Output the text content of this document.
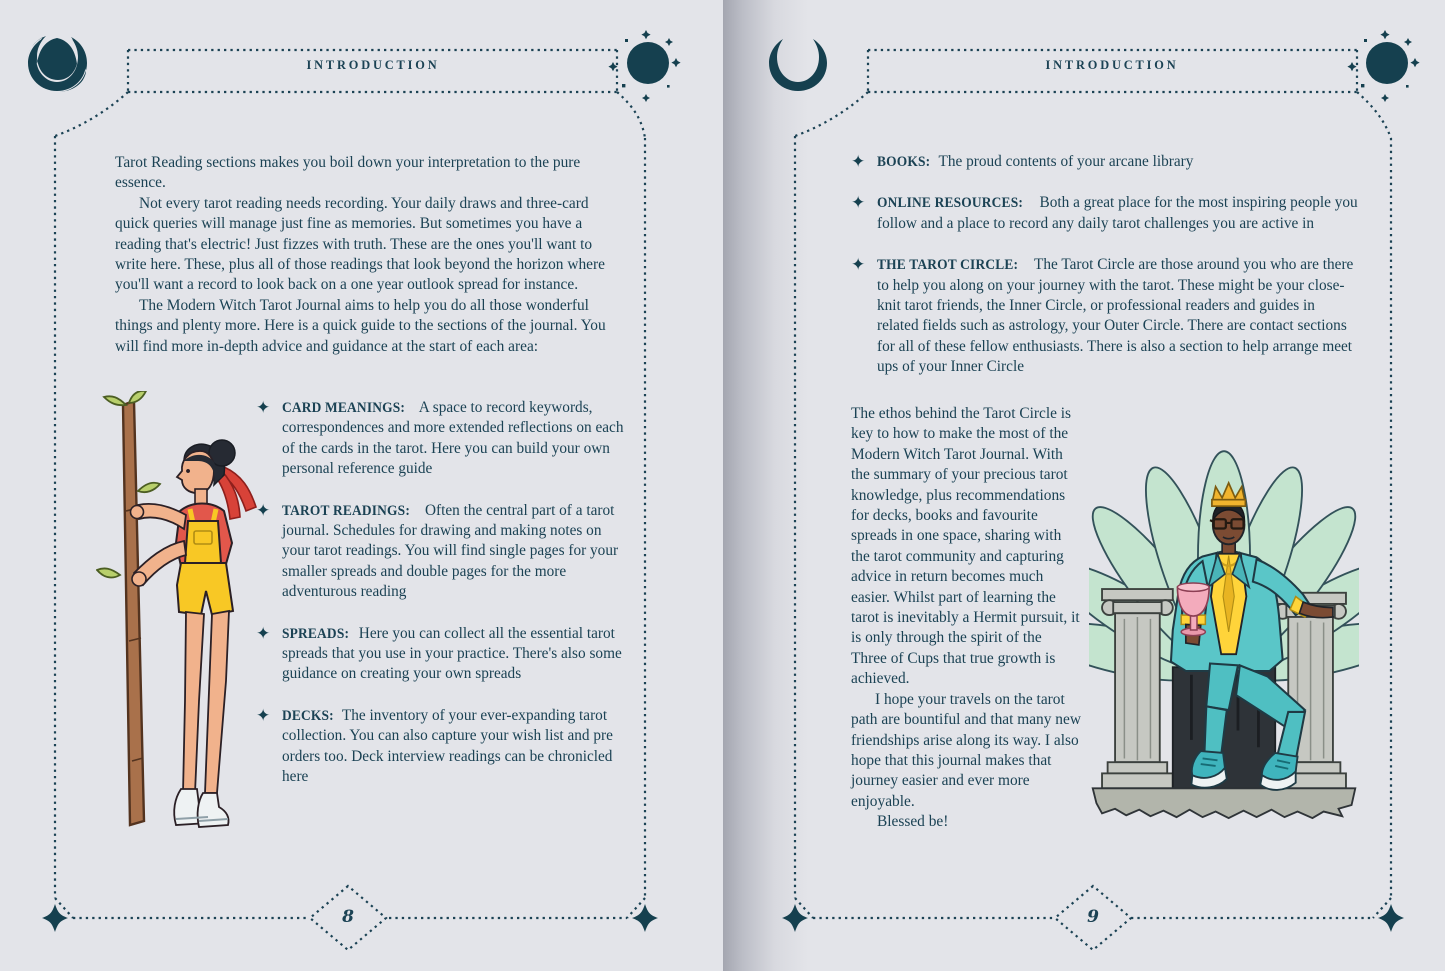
INTRODUCTION

Tarot Reading sections makes you boil down your interpretation to the pure essence.

Not every tarot reading needs recording. Your daily draws and three-card quick queries will manage just fine as memories. But sometimes you have a reading that's electric! Just fizzes with truth. These are the ones you'll want to write here. These, plus all of those readings that look beyond the horizon where you'll want a record to look back on a one year outlook spread for instance.

The Modern Witch Tarot Journal aims to help you do all those wonderful things and plenty more. Here is a quick guide to the sections of the journal. You will find more in-depth advice and guidance at the start of each area:

✦ CARD MEANINGS: A space to record keywords, correspondences and more extended reflections on each of the cards in the tarot. Here you can build your own personal reference guide

✦ TAROT READINGS: Often the central part of a tarot journal. Schedules for drawing and making notes on your tarot readings. You will find single pages for your smaller spreads and double pages for the more adventurous reading

✦ SPREADS: Here you can collect all the essential tarot spreads that you use in your practice. There's also some guidance on creating your own spreads

✦ DECKS: The inventory of your ever-expanding tarot collection. You can also capture your wish list and pre orders too. Deck interview readings can be chronicled here

8
INTRODUCTION
✦ BOOKS: The proud contents of your arcane library

✦ ONLINE RESOURCES: Both a great place for the most inspiring people you follow and a place to record any daily tarot challenges you are active in

✦ THE TAROT CIRCLE: The Tarot Circle are those around you who are there to help you along on your journey with the tarot. These might be your close-knit tarot friends, the Inner Circle, or professional readers and guides in related fields such as astrology, your Outer Circle. There are contact sections for all of these fellow enthusiasts. There is also a section to help arrange meet ups of your Inner Circle

The ethos behind the Tarot Circle is key to how to make the most of the Modern Witch Tarot Journal. With the summary of your precious tarot knowledge, plus recommendations for decks, books and favourite spreads in one space, sharing with the tarot community and capturing advice in return becomes much easier. Whilst part of learning the tarot is inevitably a Hermit pursuit, it is only through the spirit of the Three of Cups that true growth is achieved.

I hope your travels on the tarot path are bountiful and that many new friendships arise along its way. I also hope that this journal makes that journey easier and ever more enjoyable.

Blessed be!

9
